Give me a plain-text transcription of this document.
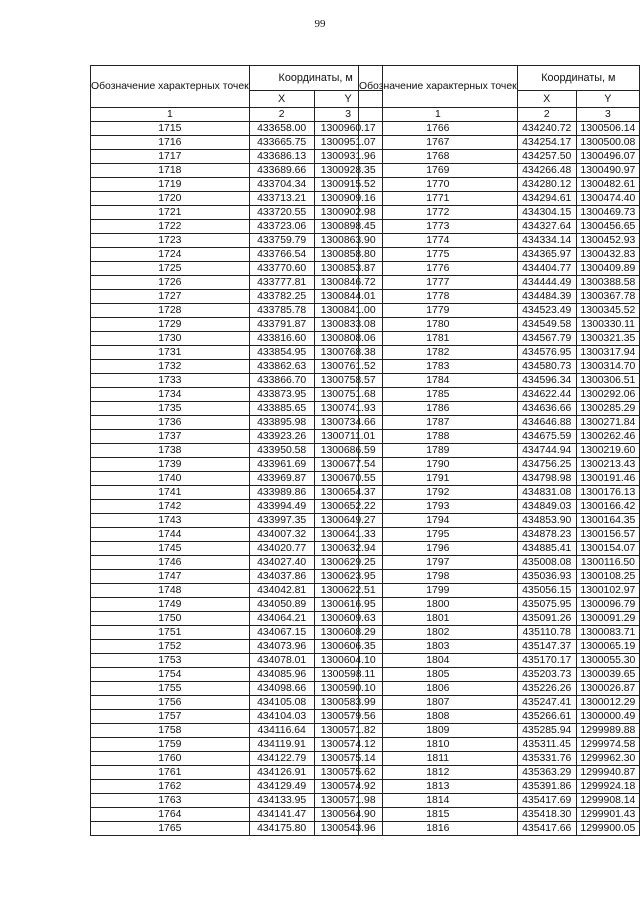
99
Обозначение характерных точек	Координаты, м	
	X	Y
1	2	3
1715	433658.00	1300960.17
1716	433665.75	1300951.07
1717	433686.13	1300931.96
1718	433689.66	1300928.35
1719	433704.34	1300915.52
1720	433713.21	1300909.16
1721	433720.55	1300902.98
1722	433723.06	1300898.45
1723	433759.79	1300863.90
1724	433766.54	1300858.80
1725	433770.60	1300853.87
1726	433777.81	1300846.72
1727	433782.25	1300844.01
1728	433785.78	1300841.00
1729	433791.87	1300833.08
1730	433816.60	1300808.06
1731	433854.95	1300768.38
1732	433862.63	1300761.52
1733	433866.70	1300758.57
1734	433873.95	1300751.68
1735	433885.65	1300741.93
1736	433895.98	1300734.66
1737	433923.26	1300711.01
1738	433950.58	1300686.59
1739	433961.69	1300677.54
1740	433969.87	1300670.55
1741	433989.86	1300654.37
1742	433994.49	1300652.22
1743	433997.35	1300649.27
1744	434007.32	1300641.33
1745	434020.77	1300632.94
1746	434027.40	1300629.25
1747	434037.86	1300623.95
1748	434042.81	1300622.51
1749	434050.89	1300616.95
1750	434064.21	1300609.63
1751	434067.15	1300608.29
1752	434073.96	1300606.35
1753	434078.01	1300604.10
1754	434085.96	1300598.11
1755	434098.66	1300590.10
1756	434105.08	1300583.99
1757	434104.03	1300579.56
1758	434116.64	1300571.82
1759	434119.91	1300574.12
1760	434122.79	1300575.14
1761	434126.91	1300575.62
1762	434129.49	1300574.92
1763	434133.95	1300571.98
1764	434141.47	1300564.90
1765	434175.80	1300543.96
Обозначение характерных точек	Координаты, м	
	X	Y
1	2	3
1766	434240.72	1300506.14
1767	434254.17	1300500.08
1768	434257.50	1300496.07
1769	434266.48	1300490.97
1770	434280.12	1300482.61
1771	434294.61	1300474.40
1772	434304.15	1300469.73
1773	434327.64	1300456.65
1774	434334.14	1300452.93
1775	434365.97	1300432.83
1776	434404.77	1300409.89
1777	434444.49	1300388.58
1778	434484.39	1300367.78
1779	434523.49	1300345.52
1780	434549.58	1300330.11
1781	434567.79	1300321.35
1782	434576.95	1300317.94
1783	434580.73	1300314.70
1784	434596.34	1300306.51
1785	434622.44	1300292.06
1786	434636.66	1300285.29
1787	434646.88	1300271.84
1788	434675.59	1300262.46
1789	434744.94	1300219.60
1790	434756.25	1300213.43
1791	434798.98	1300191.46
1792	434831.08	1300176.13
1793	434849.03	1300166.42
1794	434853.90	1300164.35
1795	434878.23	1300156.57
1796	434885.41	1300154.07
1797	435008.08	1300116.50
1798	435036.93	1300108.25
1799	435056.15	1300102.97
1800	435075.95	1300096.79
1801	435091.26	1300091.29
1802	435110.78	1300083.71
1803	435147.37	1300065.19
1804	435170.17	1300055.30
1805	435203.73	1300039.65
1806	435226.26	1300026.87
1807	435247.41	1300012.29
1808	435266.61	1300000.49
1809	435285.94	1299989.88
1810	435311.45	1299974.58
1811	435331.76	1299962.30
1812	435363.29	1299940.87
1813	435391.86	1299924.18
1814	435417.69	1299908.14
1815	435418.30	1299901.43
1816	435417.66	1299900.05
